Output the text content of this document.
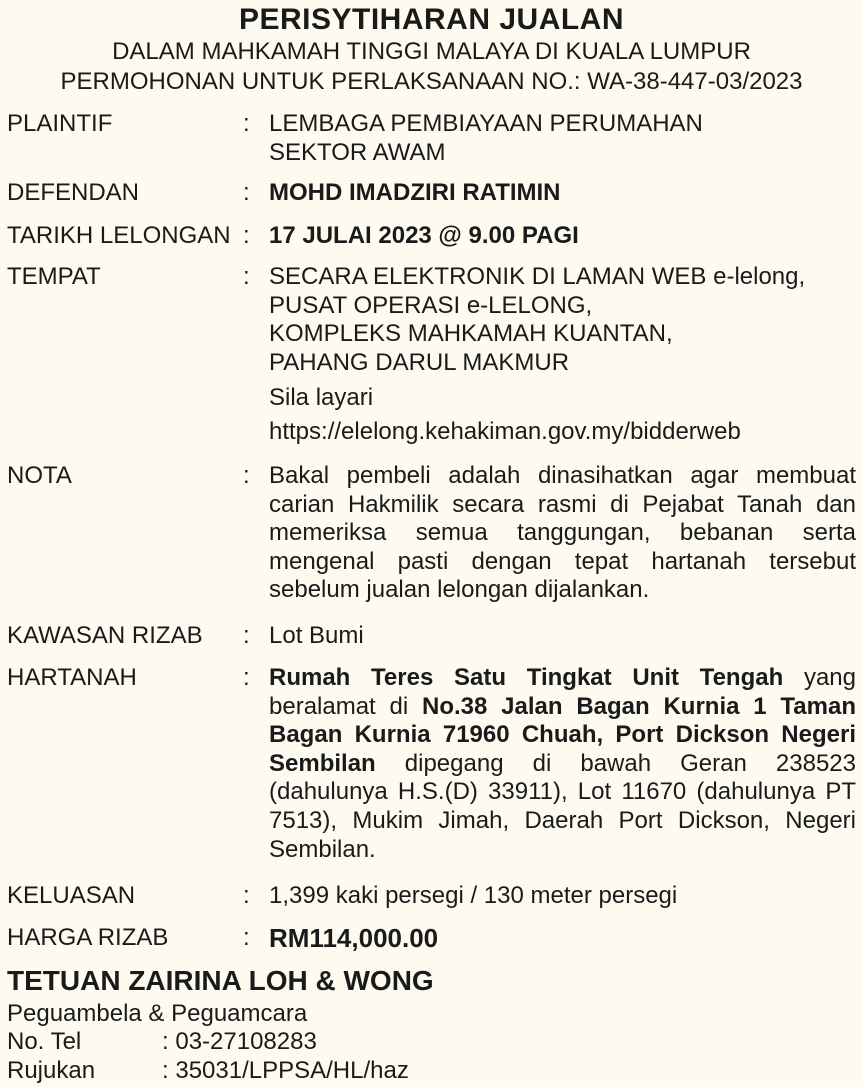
PERISYTIHARAN JUALAN
DALAM MAHKAMAH TINGGI MALAYA DI KUALA LUMPUR
PERMOHONAN UNTUK PERLAKSANAAN NO.: WA-38-447-03/2023
PLAINTIF	: LEMBAGA PEMBIAYAAN PERUMAHAN

SEKTOR AWAM

DEFENDAN	: MOHD IMADZIRI RATIMIN
TARIKH LELONGAN : 17 JULAI 2023 @ 9.00 PAGI
TEMPAT	: SECARA ELEKTRONIK DI LAMAN WEB e-lelong,

PUSAT OPERASI e-LELONG,

KOMPLEKS MAHKAMAH KUANTAN,

PAHANG DARUL MAKMUR

Sila layari

https://elelong.kehakiman.gov.my/bidderweb

NOTA	: Bakal pembeli adalah dinasihatkan agar membuat carian Hakmilik secara rasmi di Pejabat Tanah dan memeriksa semua tanggungan, bebanan serta mengenal pasti dengan tepat hartanah tersebut sebelum jualan lelongan dijalankan.
KAWASAN RIZAB : Lot Bumi
HARTANAH	: Rumah Teres Satu Tingkat Unit Tengah yang beralamat di No.38 Jalan Bagan Kurnia 1 Taman Bagan Kurnia 71960 Chuah, Port Dickson Negeri Sembilan dipegang di bawah Geran 238523 (dahulunya H.S.(D) 33911), Lot 11670 (dahulunya PT 7513), Mukim Jimah, Daerah Port Dickson, Negeri Sembilan.
KELUASAN	: 1,399 kaki persegi / 130 meter persegi
HARGA RIZAB	: RM114,000.00
TETUAN ZAIRINA LOH & WONG
Peguambela & Peguamcara
No. Tel	: 03-27108283
Rujukan	: 35031/LPPSA/HL/haz
